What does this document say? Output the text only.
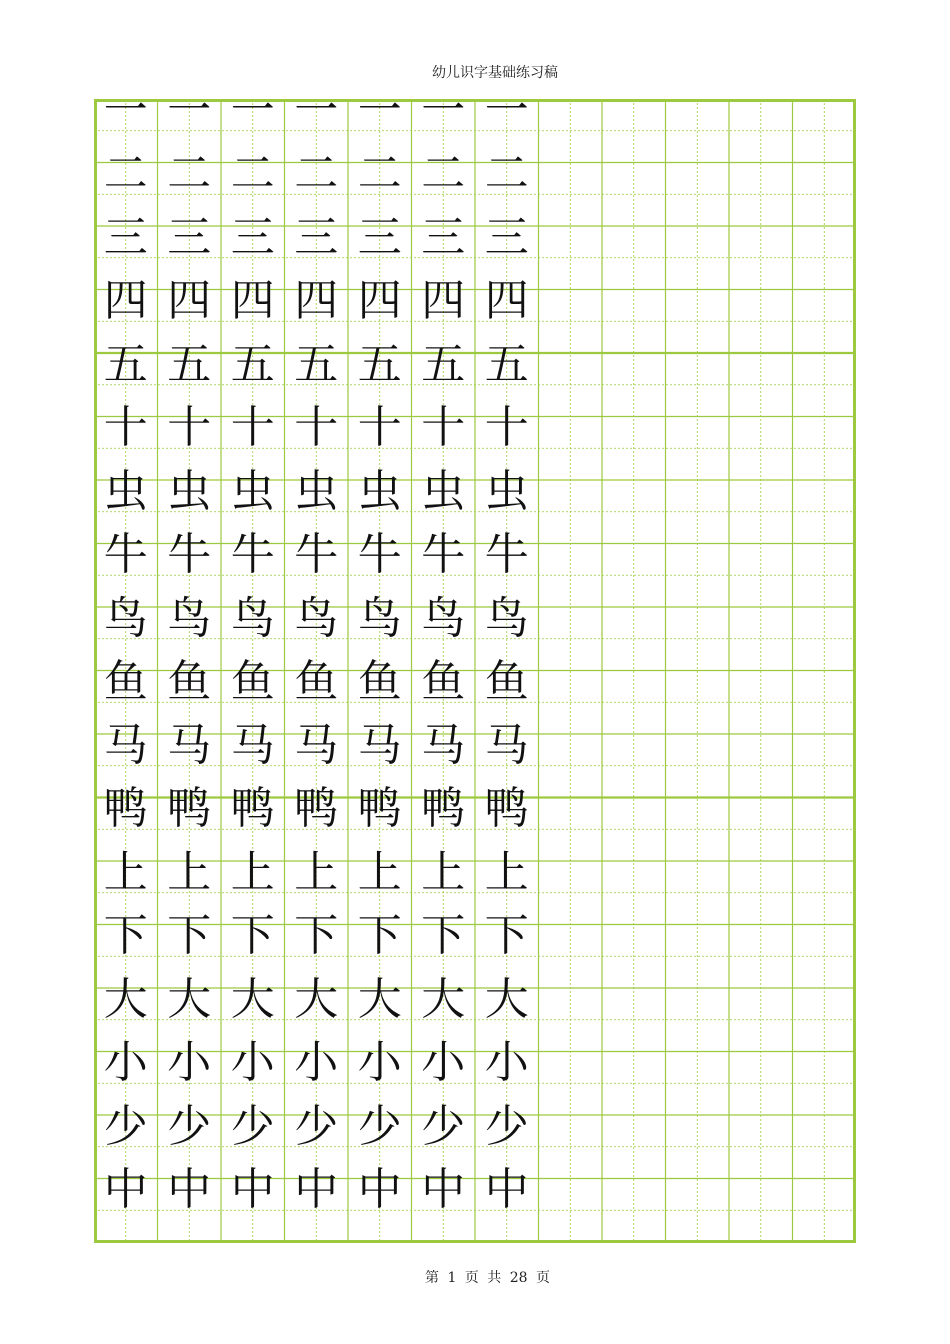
幼儿识字基础练习稿
一 一 一 一 一 一 一
二 二 二 二 二 二 二
三 三 三 三 三 三 三
四 四 四 四 四 四 四
五 五 五 五 五 五 五
十 十 十 十 十 十 十
虫 虫 虫 虫 虫 虫 虫
牛 牛 牛 牛 牛 牛 牛
鸟 鸟 鸟 鸟 鸟 鸟 鸟
鱼 鱼 鱼 鱼 鱼 鱼 鱼
马 马 马 马 马 马 马
鸭 鸭 鸭 鸭 鸭 鸭 鸭
上 上 上 上 上 上 上
下 下 下 下 下 下 下
大 大 大 大 大 大 大
小 小 小 小 小 小 小
少 少 少 少 少 少 少
中 中 中 中 中 中 中
第 1 页 共 28 页
